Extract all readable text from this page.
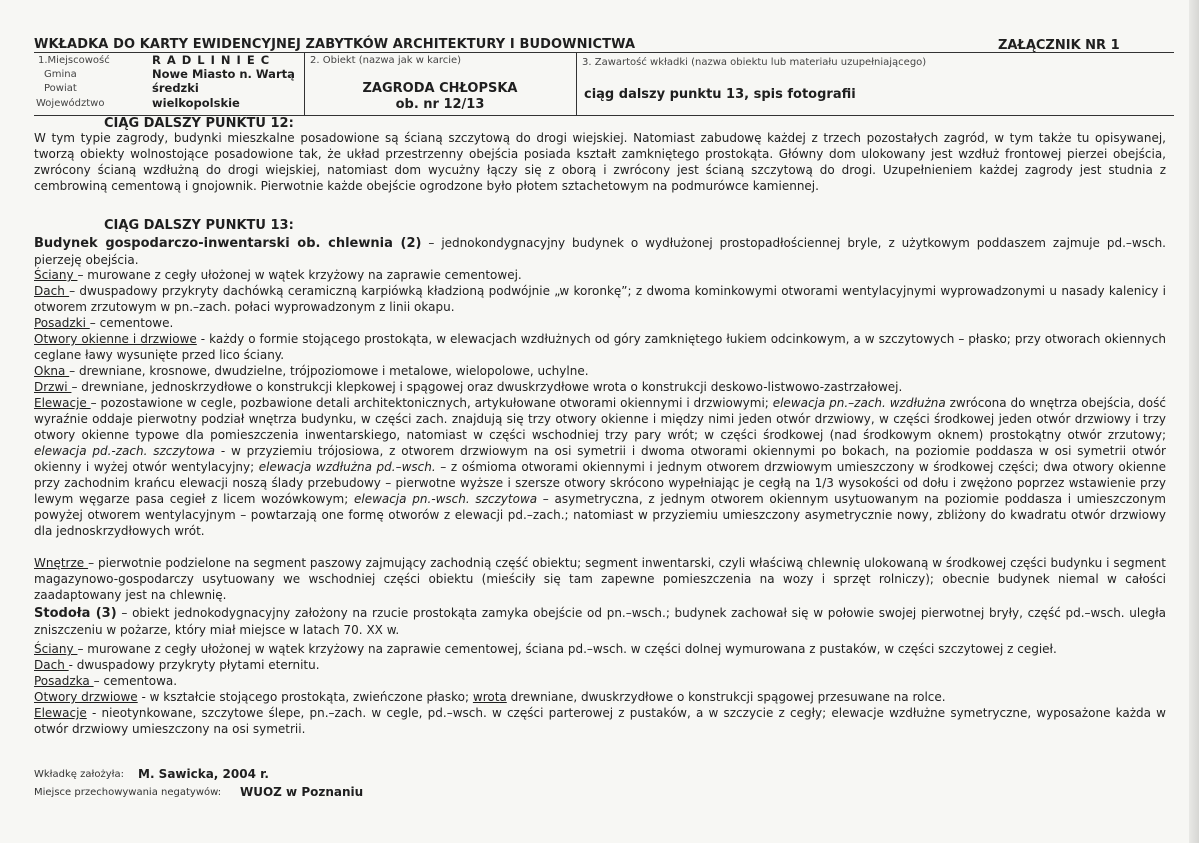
WKŁADKA DO KARTY EWIDENCYJNEJ ZABYTKÓW ARCHITEKTURY I BUDOWNICTWA	ZAŁĄCZNIK NR 1
1.Miejscowość	R A D L I N I E C
Gmina	Nowe Miasto n. Wartą
Powiat	średzki
Województwo	wielkopolskie
2. Obiekt (nazwa jak w karcie)
ZAGRODA CHŁOPSKA
ob. nr 12/13
3. Zawartość wkładki (nazwa obiektu lub materiału uzupełniającego)
ciąg dalszy punktu 13, spis fotografii
CIĄG DALSZY PUNKTU 12:

W tym typie zagrody, budynki mieszkalne posadowione są ścianą szczytową do drogi wiejskiej. Natomiast zabudowę każdej z trzech pozostałych zagród, w tym także tu opisywanej, tworzą obiekty wolnostojące posadowione tak, że układ przestrzenny obejścia posiada kształt zamkniętego prostokąta. Główny dom ulokowany jest wzdłuż frontowej pierzei obejścia, zwrócony ścianą wzdłużną do drogi wiejskiej, natomiast dom wycużny łączy się z oborą i zwrócony jest ścianą szczytową do drogi. Uzupełnieniem każdej zagrody jest studnia z cembrowiną cementową i gnojownik. Pierwotnie każde obejście ogrodzone było płotem sztachetowym na podmurówce kamiennej.

CIĄG DALSZY PUNKTU 13:

Budynek gospodarczo-inwentarski ob. chlewnia (2) – jednokondygnacyjny budynek o wydłużonej prostopadłościennej bryle, z użytkowym poddaszem zajmuje pd.–wsch. pierzeję obejścia.

Ściany – murowane z cegły ułożonej w wątek krzyżowy na zaprawie cementowej.

Dach – dwuspadowy przykryty dachówką ceramiczną karpiówką kładzioną podwójnie „w koronkę”; z dwoma kominkowymi otworami wentylacyjnymi wyprowadzonymi u nasady kalenicy i otworem zrzutowym w pn.–zach. połaci wyprowadzonym z linii okapu.

Posadzki – cementowe.

Otwory okienne i drzwiowe - każdy o formie stojącego prostokąta, w elewacjach wzdłużnych od góry zamkniętego łukiem odcinkowym, a w szczytowych – płasko; przy otworach okiennych ceglane ławy wysunięte przed lico ściany.

Okna – drewniane, krosnowe, dwudzielne, trójpoziomowe i metalowe, wielopolowe, uchylne.

Drzwi – drewniane, jednoskrzydłowe o konstrukcji klepkowej i spągowej oraz dwuskrzydłowe wrota o konstrukcji deskowo-listwowo-zastrzałowej.

Elewacje – pozostawione w cegle, pozbawione detali architektonicznych, artykułowane otworami okiennymi i drzwiowymi; elewacja pn.–zach. wzdłużna zwrócona do wnętrza obejścia, dość wyraźnie oddaje pierwotny podział wnętrza budynku, w części zach. znajdują się trzy otwory okienne i między nimi jeden otwór drzwiowy, w części środkowej jeden otwór drzwiowy i trzy otwory okienne typowe dla pomieszczenia inwentarskiego, natomiast w części wschodniej trzy pary wrót; w części środkowej (nad środkowym oknem) prostokątny otwór zrzutowy; elewacja pd.-zach. szczytowa - w przyziemiu trójosiowa, z otworem drzwiowym na osi symetrii i dwoma otworami okiennymi po bokach, na poziomie poddasza w osi symetrii otwór okienny i wyżej otwór wentylacyjny; elewacja wzdłużna pd.–wsch. – z ośmioma otworami okiennymi i jednym otworem drzwiowym umieszczony w środkowej części; dwa otwory okienne przy zachodnim krańcu elewacji noszą ślady przebudowy – pierwotne wyższe i szersze otwory skrócono wypełniając je cegłą na 1/3 wysokości od dołu i zwężono poprzez wstawienie przy lewym węgarze pasa cegieł z licem wozówkowym; elewacja pn.-wsch. szczytowa – asymetryczna, z jednym otworem okiennym usytuowanym na poziomie poddasza i umieszczonym powyżej otworem wentylacyjnym – powtarzają one formę otworów z elewacji pd.–zach.; natomiast w przyziemiu umieszczony asymetrycznie nowy, zbliżony do kwadratu otwór drzwiowy dla jednoskrzydłowych wrót.

Wnętrze – pierwotnie podzielone na segment paszowy zajmujący zachodnią część obiektu; segment inwentarski, czyli właściwą chlewnię ulokowaną w środkowej części budynku i segment magazynowo-gospodarczy usytuowany we wschodniej części obiektu (mieściły się tam zapewne pomieszczenia na wozy i sprzęt rolniczy); obecnie budynek niemal w całości zaadaptowany jest na chlewnię.

Stodoła (3) – obiekt jednokodygnacyjny założony na rzucie prostokąta zamyka obejście od pn.–wsch.; budynek zachował się w połowie swojej pierwotnej bryły, część pd.–wsch. uległa zniszczeniu w pożarze, który miał miejsce w latach 70. XX w.

Ściany – murowane z cegły ułożonej w wątek krzyżowy na zaprawie cementowej, ściana pd.–wsch. w części dolnej wymurowana z pustaków, w części szczytowej z cegieł.

Dach - dwuspadowy przykryty płytami eternitu.

Posadzka – cementowa.

Otwory drzwiowe - w kształcie stojącego prostokąta, zwieńczone płasko; wrota drewniane, dwuskrzydłowe o konstrukcji spągowej przesuwane na rolce.

Elewacje - nieotynkowane, szczytowe ślepe, pn.–zach. w cegle, pd.–wsch. w części parterowej z pustaków, a w szczycie z cegły; elewacje wzdłużne symetryczne, wyposażone każda w otwór drzwiowy umieszczony na osi symetrii.

Wkładkę założyła: M. Sawicka, 2004 r.
Miejsce przechowywania negatywów: WUOZ w Poznaniu
